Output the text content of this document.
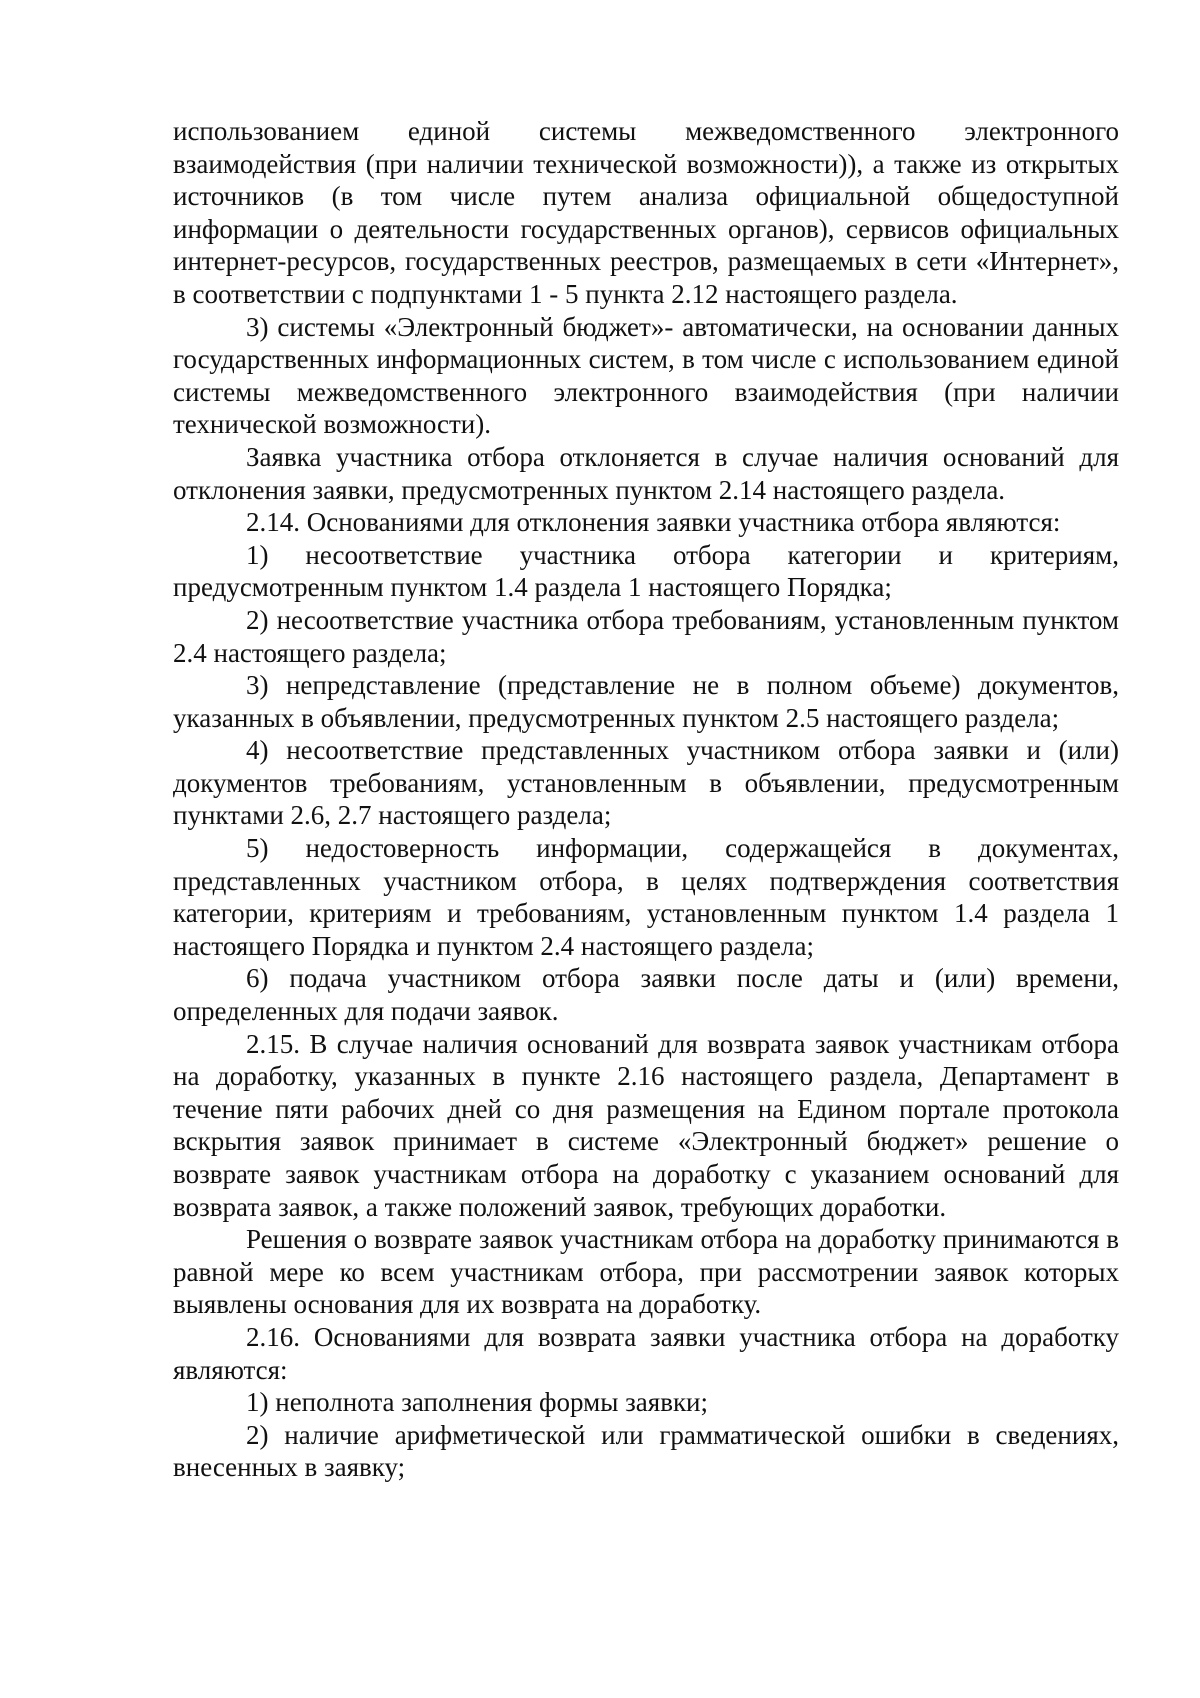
использованием единой системы межведомственного электронного взаимодействия (при наличии технической возможности)), а также из открытых источников (в том числе путем анализа официальной общедоступной информации о деятельности государственных органов), сервисов официальных интернет-ресурсов, государственных реестров, размещаемых в сети «Интернет», в соответствии с подпунктами 1 - 5 пункта 2.12 настоящего раздела.

3) системы «Электронный бюджет»- автоматически, на основании данных государственных информационных систем, в том числе с использованием единой системы межведомственного электронного взаимодействия (при наличии технической возможности).

Заявка участника отбора отклоняется в случае наличия оснований для отклонения заявки, предусмотренных пунктом 2.14 настоящего раздела.

2.14. Основаниями для отклонения заявки участника отбора являются:

1) несоответствие участника отбора категории и критериям, предусмотренным пунктом 1.4 раздела 1 настоящего Порядка;

2) несоответствие участника отбора требованиям, установленным пунктом 2.4 настоящего раздела;

3) непредставление (представление не в полном объеме) документов, указанных в объявлении, предусмотренных пунктом 2.5 настоящего раздела;

4) несоответствие представленных участником отбора заявки и (или) документов требованиям, установленным в объявлении, предусмотренным пунктами 2.6, 2.7 настоящего раздела;

5) недостоверность информации, содержащейся в документах, представленных участником отбора, в целях подтверждения соответствия категории, критериям и требованиям, установленным пунктом 1.4 раздела 1 настоящего Порядка и пунктом 2.4 настоящего раздела;

6) подача участником отбора заявки после даты и (или) времени, определенных для подачи заявок.

2.15. В случае наличия оснований для возврата заявок участникам отбора на доработку, указанных в пункте 2.16 настоящего раздела, Департамент в течение пяти рабочих дней со дня размещения на Едином портале протокола вскрытия заявок принимает в системе «Электронный бюджет» решение о возврате заявок участникам отбора на доработку с указанием оснований для возврата заявок, а также положений заявок, требующих доработки.

Решения о возврате заявок участникам отбора на доработку принимаются в равной мере ко всем участникам отбора, при рассмотрении заявок которых выявлены основания для их возврата на доработку.

2.16. Основаниями для возврата заявки участника отбора на доработку являются:

1) неполнота заполнения формы заявки;

2) наличие арифметической или грамматической ошибки в сведениях, внесенных в заявку;
